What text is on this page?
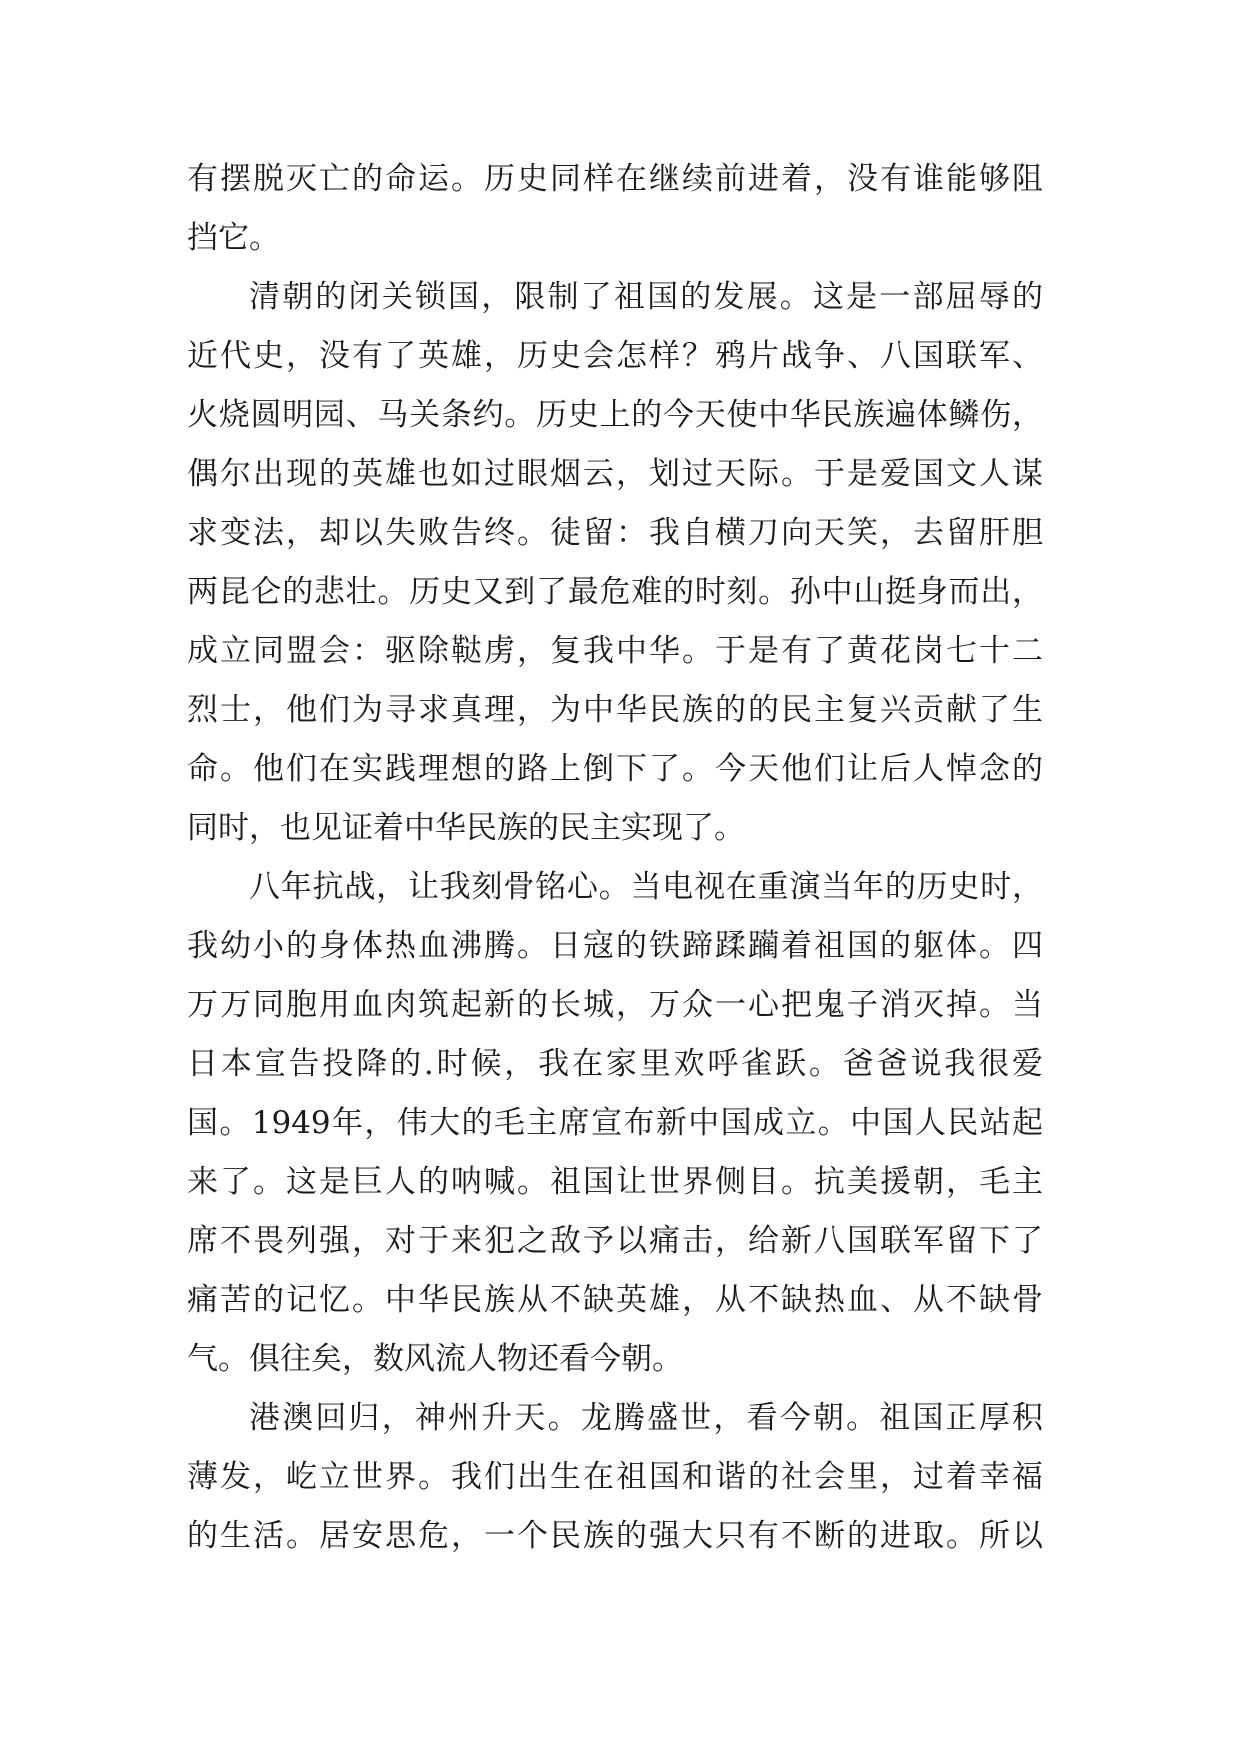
有摆脱灭亡的命运。历史同样在继续前进着，没有谁能够阻
挡它。
清朝的闭关锁国，限制了祖国的发展。这是一部屈辱的
近代史，没有了英雄，历史会怎样？鸦片战争、八国联军、
火烧圆明园、马关条约。历史上的今天使中华民族遍体鳞伤，
偶尔出现的英雄也如过眼烟云，划过天际。于是爱国文人谋
求变法，却以失败告终。徒留：我自横刀向天笑，去留肝胆
两昆仑的悲壮。历史又到了最危难的时刻。孙中山挺身而出，
成立同盟会：驱除鞑虏，复我中华。于是有了黄花岗七十二
烈士，他们为寻求真理，为中华民族的的民主复兴贡献了生
命。他们在实践理想的路上倒下了。今天他们让后人悼念的
同时，也见证着中华民族的民主实现了。
八年抗战，让我刻骨铭心。当电视在重演当年的历史时，
我幼小的身体热血沸腾。日寇的铁蹄蹂躏着祖国的躯体。四
万万同胞用血肉筑起新的长城，万众一心把鬼子消灭掉。当
日本宣告投降的.时候，我在家里欢呼雀跃。爸爸说我很爱
国。1949年，伟大的毛主席宣布新中国成立。中国人民站起
来了。这是巨人的呐喊。祖国让世界侧目。抗美援朝，毛主
席不畏列强，对于来犯之敌予以痛击，给新八国联军留下了
痛苦的记忆。中华民族从不缺英雄，从不缺热血、从不缺骨
气。俱往矣，数风流人物还看今朝。
港澳回归，神州升天。龙腾盛世，看今朝。祖国正厚积
薄发，屹立世界。我们出生在祖国和谐的社会里，过着幸福
的生活。居安思危，一个民族的强大只有不断的进取。所以
